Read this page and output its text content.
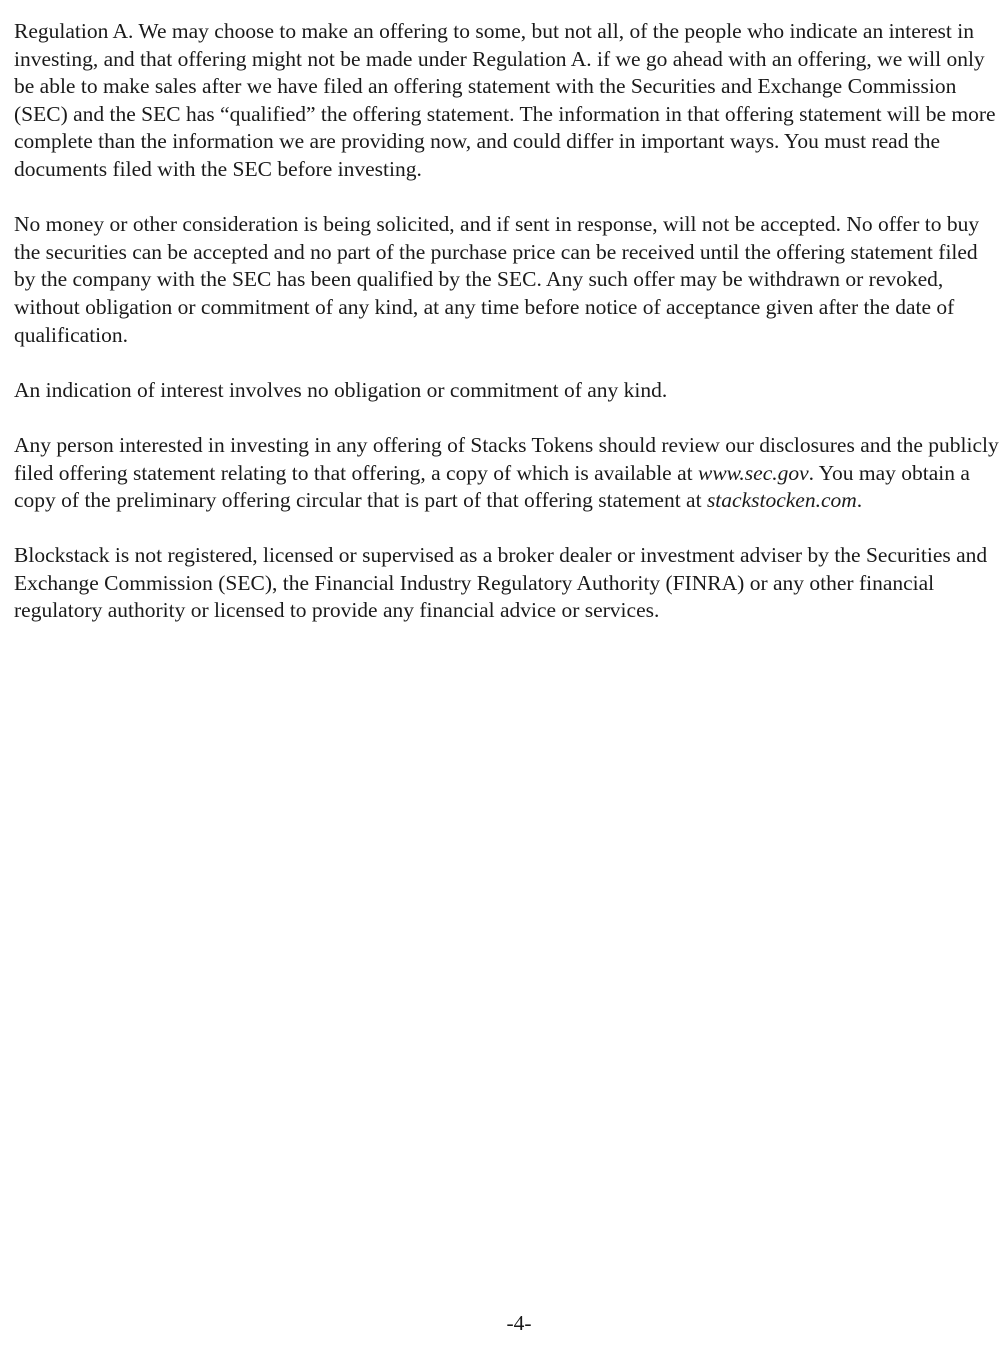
Regulation A. We may choose to make an offering to some, but not all, of the people who indicate an interest in investing, and that offering might not be made under Regulation A. if we go ahead with an offering, we will only be able to make sales after we have filed an offering statement with the Securities and Exchange Commission (SEC) and the SEC has “qualified” the offering statement. The information in that offering statement will be more complete than the information we are providing now, and could differ in important ways. You must read the documents filed with the SEC before investing.

No money or other consideration is being solicited, and if sent in response, will not be accepted. No offer to buy the securities can be accepted and no part of the purchase price can be received until the offering statement filed by the company with the SEC has been qualified by the SEC. Any such offer may be withdrawn or revoked, without obligation or commitment of any kind, at any time before notice of acceptance given after the date of qualification.

An indication of interest involves no obligation or commitment of any kind.

Any person interested in investing in any offering of Stacks Tokens should review our disclosures and the publicly filed offering statement relating to that offering, a copy of which is available at www.sec.gov. You may obtain a copy of the preliminary offering circular that is part of that offering statement at stackstocken.com.

Blockstack is not registered, licensed or supervised as a broker dealer or investment adviser by the Securities and Exchange Commission (SEC), the Financial Industry Regulatory Authority (FINRA) or any other financial regulatory authority or licensed to provide any financial advice or services.

-4-
